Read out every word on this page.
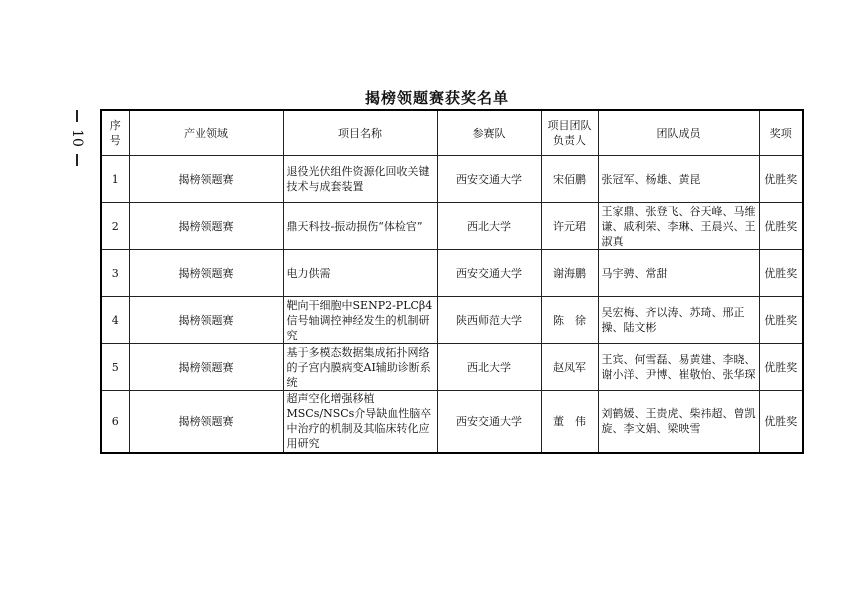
10
揭榜领题赛获奖名单
序号	产业领域	项目名称	参赛队	项目团队负责人	团队成员	奖项
1	揭榜领题赛	退役光伏组件资源化回收关键技术与成套装置	西安交通大学	宋佰鹏	张冠军、杨雄、黄昆	优胜奖
2	揭榜领题赛	鼎天科技-振动损伤“体检官”	西北大学	许元珺	王家鼎、张登飞、谷天峰、马维谦、戚利荣、李琳、王晨兴、王淑真	优胜奖
3	揭榜领题赛	电力供需	西安交通大学	谢海鹏	马宇骋、常甜	优胜奖
4	揭榜领题赛	靶向干细胞中SENP2-PLCβ4信号轴调控神经发生的机制研究	陕西师范大学	陈　徐	吴宏梅、齐以涛、苏琦、邢正操、陆文彬	优胜奖
5	揭榜领题赛	基于多模态数据集成拓扑网络的子宫内膜病变AI辅助诊断系统	西北大学	赵凤军	王宾、何雪磊、易黄建、李晓、谢小洋、尹博、崔敬怡、张华琛	优胜奖
6	揭榜领题赛	超声空化增强移植MSCs/NSCs介导缺血性脑卒中治疗的机制及其临床转化应用研究	西安交通大学	董　伟	刘鹤媛、王贵虎、柴祎超、曾凯旋、李文娟、梁映雪	优胜奖
